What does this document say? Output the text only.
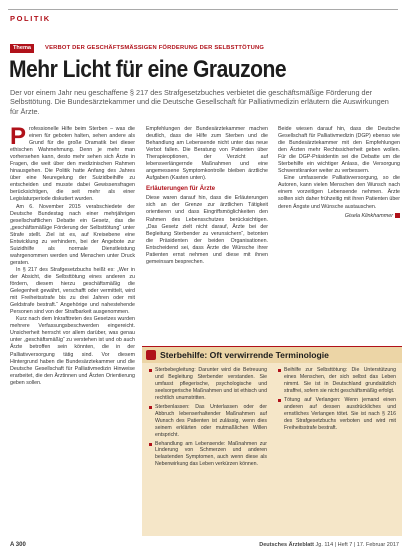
POLITIK
Thema	VERBOT DER GESCHÄFTSMÄSSIGEN FÖRDERUNG DER SELBSTTÖTUNG
Mehr Licht für eine Grauzone

Der vor einem Jahr neu geschaffene § 217 des Strafgesetzbuches verbietet die geschäftsmäßige Förderung der Selbsttötung. Die Bundesärztekammer und die Deutsche Gesellschaft für Palliativmedizin erläutern die Auswirkungen für Ärzte.

P rofessionelle Hilfe beim Sterben – was die einen für geboten halten, sehen andere als Grund für die große Dramatik bei dieser ethischen Wahrnehmung. Denn je mehr man vorhersehen kann, desto mehr sehen sich Ärzte in Fragen, die weit über den medizinischen Rahmen hinausgehen. Die Politik hatte Anfang des Jahres über eine Neuregelung der Suizidbeihilfe zu entscheiden und musste dabei Gewissensfragen berücksichtigen, die seit mehr als einer Legislaturperiode diskutiert wurden.

Am 6. November 2015 verabschiedete der Deutsche Bundestag nach einer mehrjährigen gesellschaftlichen Debatte ein Gesetz, das die „geschäftsmäßige Förderung der Selbsttötung“ unter Strafe stellt. Ziel ist es, auf Kreisebene eine Entwicklung zu verhindern, bei der Angebote zur Suizidhilfe als normale Dienstleistung wahrgenommen werden und Menschen unter Druck geraten.

In § 217 des Strafgesetzbuchs heißt es: „Wer in der Absicht, die Selbsttötung eines anderen zu fördern, diesem hierzu geschäftsmäßig die Gelegenheit gewährt, verschafft oder vermittelt, wird mit Freiheitsstrafe bis zu drei Jahren oder mit Geldstrafe bestraft.“ Angehörige und nahestehende Personen sind von der Strafbarkeit ausgenommen.

Kurz nach dem Inkrafttreten des Gesetzes wurden mehrere Verfassungsbeschwerden eingereicht. Unsicherheit herrscht vor allem darüber, was genau unter „geschäftsmäßig“ zu verstehen ist und ob auch Ärzte betroffen sein könnten, die in der Palliativversorgung tätig sind. Vor diesem Hintergrund haben die Bundesärztekammer und die Deutsche Gesellschaft für Palliativmedizin Hinweise erarbeitet, die den Ärztinnen und Ärzten Orientierung geben sollen.

Empfehlungen der Bundesärztekammer machen deutlich, dass die Hilfe zum Sterben und die Behandlung am Lebensende nicht unter das neue Verbot fallen. Die Beratung von Patienten über Therapieoptionen, der Verzicht auf lebensverlängernde Maßnahmen und eine angemessene Symptomkontrolle bleiben ärztliche Aufgaben (Kasten unten).

Erläuterungen für Ärzte

Diese waren darauf hin, dass die Erläuterungen sich an der Grenze zur ärztlichen Tätigkeit orientieren und dass Eingriffsmöglichkeiten den Rahmen des Lebensschutzes berücksichtigen. „Das Gesetz zielt nicht darauf, Ärzte bei der Begleitung Sterbender zu verunsichern“, betonten die Präsidenten der beiden Organisationen. Entscheidend sei, dass Ärzte die Wünsche ihrer Patienten ernst nehmen und diese mit ihnen gemeinsam besprechen.

Beide wiesen darauf hin, dass die Deutsche Gesellschaft für Palliativmedizin (DGP) ebenso wie die Bundesärztekammer mit den Empfehlungen den Ärzten mehr Rechtssicherheit geben wollen. Für die DGP-Präsidentin sei die Debatte um die Sterbehilfe ein wichtiger Anlass, die Versorgung Schwerstkranker weiter zu verbessern.

Eine umfassende Palliativversorgung, so die Autoren, kann vielen Menschen den Wunsch nach einem vorzeitigen Lebensende nehmen. Ärzte sollten sich daher frühzeitig mit ihren Patienten über deren Ängste und Wünsche austauschen.

Gisela Klinkhammer
Sterbehilfe: Oft verwirrende Terminologie
Sterbebegleitung: Darunter wird die Betreuung und Begleitung Sterbender verstanden. Sie umfasst pflegerische, psychologische und seelsorgerische Maßnahmen und ist ethisch und rechtlich unumstritten.
Sterbenlassen: Das Unterlassen oder der Abbruch lebenserhaltender Maßnahmen auf Wunsch des Patienten ist zulässig, wenn dies seinem erklärten oder mutmaßlichen Willen entspricht.
Behandlung am Lebensende: Maßnahmen zur Linderung von Schmerzen und anderen belastenden Symptomen, auch wenn diese als Nebenwirkung das Leben verkürzen können.
Beihilfe zur Selbsttötung: Die Unterstützung eines Menschen, der sich selbst das Leben nimmt. Sie ist in Deutschland grundsätzlich straffrei, sofern sie nicht geschäftsmäßig erfolgt.
Tötung auf Verlangen: Wenn jemand einen anderen auf dessen ausdrückliches und ernstliches Verlangen tötet. Sie ist nach § 216 des Strafgesetzbuchs verboten und wird mit Freiheitsstrafe bestraft.
A 300	Deutsches Ärzteblatt Jg. 114 | Heft 7 | 17. Februar 2017
